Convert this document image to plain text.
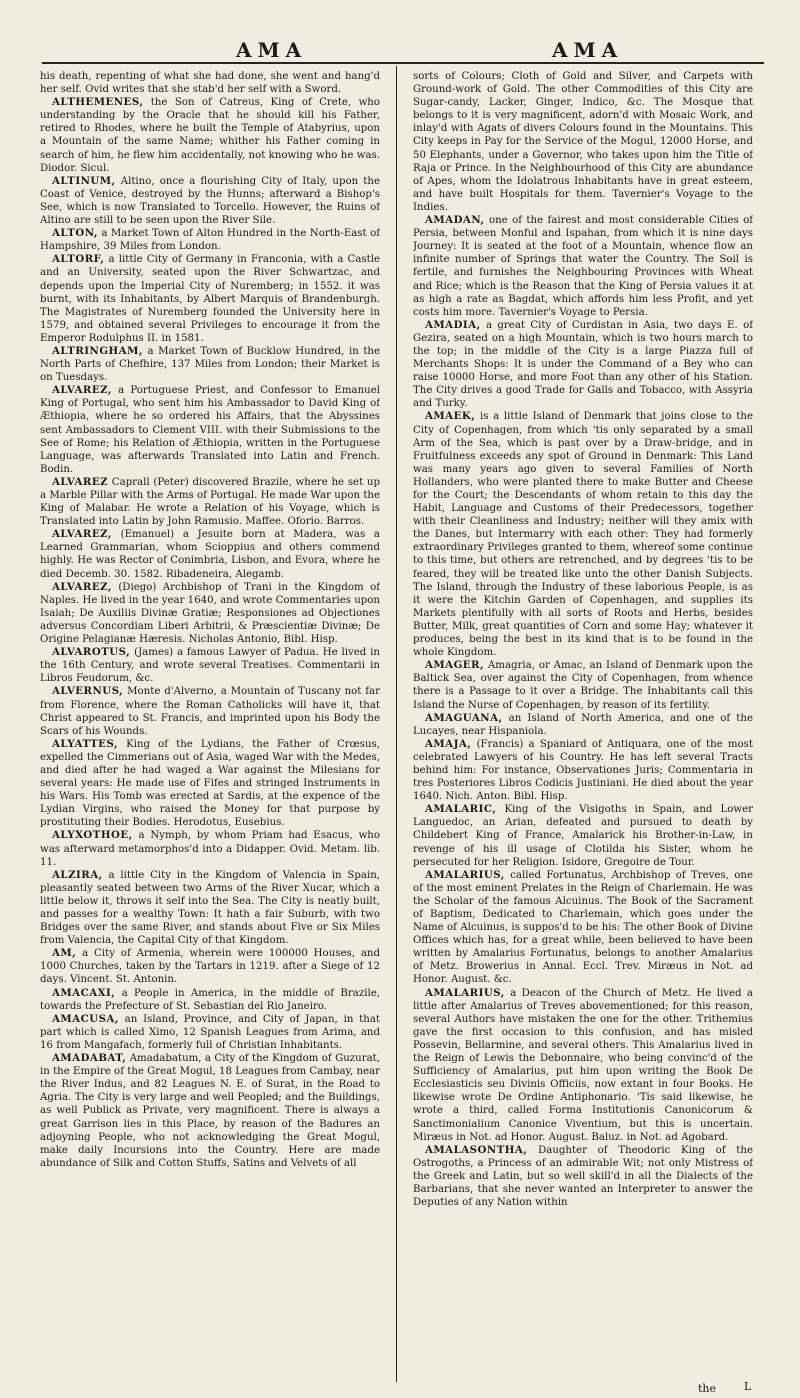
AMA	AMA

his death, repenting of what she had done, she went and hang'd her self. Ovid writes that she stab'd her self with a Sword.

ALTHEMENES, the Son of Catreus, King of Crete, who understanding by the Oracle that he should kill his Father, retired to Rhodes, where he built the Temple of Atabyrius, upon a Mountain of the same Name; whither his Father coming in search of him, he flew him accidentally, not knowing who he was. Diodor. Sicul.

ALTINUM, Altino, once a flourishing City of Italy, upon the Coast of Venice, destroyed by the Hunns; afterward a Bishop's See, which is now Translated to Torcello. However, the Ruins of Altino are still to be seen upon the River Sile.

ALTON, a Market Town of Alton Hundred in the North-East of Hampshire, 39 Miles from London.

ALTORF, a little City of Germany in Franconia, with a Castle and an University, seated upon the River Schwartzac, and depends upon the Imperial City of Nuremberg; in 1552. it was burnt, with its Inhabitants, by Albert Marquis of Brandenburgh. The Magistrates of Nuremberg founded the University here in 1579, and obtained several Privileges to encourage it from the Emperor Rodulphus II. in 1581.

ALTRINGHAM, a Market Town of Bucklow Hundred, in the North Parts of Chefhire, 137 Miles from London; their Market is on Tuesdays.

ALVAREZ, a Portuguese Priest, and Confessor to Emanuel King of Portugal, who sent him his Ambassador to David King of Æthiopia, where he so ordered his Affairs, that the Abyssines sent Ambassadors to Clement VIII. with their Submissions to the See of Rome; his Relation of Æthiopia, written in the Portuguese Language, was afterwards Translated into Latin and French. Bodin.

ALVAREZ Caprall (Peter) discovered Brazile, where he set up a Marble Pillar with the Arms of Portugal. He made War upon the King of Malabar. He wrote a Relation of his Voyage, which is Translated into Latin by John Ramusio. Maffee. Oforio. Barros.

ALVAREZ, (Emanuel) a Jesuite born at Madera, was a Learned Grammarian, whom Scioppius and others commend highly. He was Rector of Conimbria, Lisbon, and Evora, where he died Decemb. 30. 1582. Ribadeneira, Alegamb.

ALVAREZ, (Diego) Archbishop of Trani in the Kingdom of Naples. He lived in the year 1640, and wrote Commentaries upon Isaiah; De Auxiliis Divinæ Gratiæ; Responsiones ad Objectiones adversus Concordiam Liberi Arbitrii, & Præscientiæ Divinæ; De Origine Pelagianæ Hæresis. Nicholas Antonio, Bibl. Hisp.

ALVAROTUS, (James) a famous Lawyer of Padua. He lived in the 16th Century, and wrote several Treatises. Commentarii in Libros Feudorum, &c.

ALVERNUS, Monte d'Alverno, a Mountain of Tuscany not far from Florence, where the Roman Catholicks will have it, that Christ appeared to St. Francis, and imprinted upon his Body the Scars of his Wounds.

ALYATTES, King of the Lydians, the Father of Crœsus, expelled the Cimmerians out of Asia, waged War with the Medes, and died after he had waged a War against the Milesians for several years: He made use of Fifes and stringed Instruments in his Wars. His Tomb was erected at Sardis, at the expence of the Lydian Virgins, who raised the Money for that purpose by prostituting their Bodies. Herodotus, Eusebius.

ALYXOTHOE, a Nymph, by whom Priam had Esacus, who was afterward metamorphos'd into a Didapper. Ovid. Metam. lib. 11.

ALZIRA, a little City in the Kingdom of Valencia in Spain, pleasantly seated between two Arms of the River Xucar, which a little below it, throws it self into the Sea. The City is neatly built, and passes for a wealthy Town: It hath a fair Suburb, with two Bridges over the same River, and stands about Five or Six Miles from Valencia, the Capital City of that Kingdom.

AM, a City of Armenia, wherein were 100000 Houses, and 1000 Churches, taken by the Tartars in 1219. after a Siege of 12 days. Vincent. St. Antonin.

AMACAXI, a People in America, in the middle of Brazile, towards the Prefecture of St. Sebastian del Rio Janeiro.

AMACUSA, an Island, Province, and City of Japan, in that part which is called Ximo, 12 Spanish Leagues from Arima, and 16 from Mangafach, formerly full of Christian Inhabitants.

AMADABAT, Amadabatum, a City of the Kingdom of Guzurat, in the Empire of the Great Mogul, 18 Leagues from Cambay, near the River Indus, and 82 Leagues N. E. of Surat, in the Road to Agria. The City is very large and well Peopled; and the Buildings, as well Publick as Private, very magnificent. There is always a great Garrison lies in this Place, by reason of the Badures an adjoyning People, who not acknowledging the Great Mogul, make daily Incursions into the Country. Here are made abundance of Silk and Cotton Stuffs, Satins and Velvets of all

sorts of Colours; Cloth of Gold and Silver, and Carpets with Ground-work of Gold. The other Commodities of this City are Sugar-candy, Lacker, Ginger, Indico, &c. The Mosque that belongs to it is very magnificent, adorn'd with Mosaic Work, and inlay'd with Agats of divers Colours found in the Mountains. This City keeps in Pay for the Service of the Mogul, 12000 Horse, and 50 Elephants, under a Governor, who takes upon him the Title of Raja or Prince. In the Neighbourhood of this City are abundance of Apes, whom the Idolatrous Inhabitants have in great esteem, and have built Hospitals for them. Tavernier's Voyage to the Indies.

AMADAN, one of the fairest and most considerable Cities of Persia, between Monful and Ispahan, from which it is nine days Journey: It is seated at the foot of a Mountain, whence flow an infinite number of Springs that water the Country. The Soil is fertile, and furnishes the Neighbouring Provinces with Wheat and Rice; which is the Reason that the King of Persia values it at as high a rate as Bagdat, which affords him less Profit, and yet costs him more. Tavernier's Voyage to Persia.

AMADIA, a great City of Curdistan in Asia, two days E. of Gezira, seated on a high Mountain, which is two hours march to the top; in the middle of the City is a large Piazza full of Merchants Shops: It is under the Command of a Bey who can raise 10000 Horse, and more Foot than any other of his Station. The City drives a good Trade for Galls and Tobacco, with Assyria and Turky.

AMAEK, is a little Island of Denmark that joins close to the City of Copenhagen, from which 'tis only separated by a small Arm of the Sea, which is past over by a Draw-bridge, and in Fruitfulness exceeds any spot of Ground in Denmark: This Land was many years ago given to several Families of North Hollanders, who were planted there to make Butter and Cheese for the Court; the Descendants of whom retain to this day the Habit, Language and Customs of their Predecessors, together with their Cleanliness and Industry; neither will they amix with the Danes, but Intermarry with each other: They had formerly extraordinary Privileges granted to them, whereof some continue to this time, but others are retrenched, and by degrees 'tis to be feared, they will be treated like unto the other Danish Subjects. The Island, through the Industry of these laborious People, is as it were the Kitchin Garden of Copenhagen, and supplies its Markets plentifully with all sorts of Roots and Herbs, besides Butter, Milk, great quantities of Corn and some Hay; whatever it produces, being the best in its kind that is to be found in the whole Kingdom.

AMAGER, Amagria, or Amac, an Island of Denmark upon the Baltick Sea, over against the City of Copenhagen, from whence there is a Passage to it over a Bridge. The Inhabitants call this Island the Nurse of Copenhagen, by reason of its fertility.

AMAGUANA, an Island of North America, and one of the Lucayes, near Hispaniola.

AMAJA, (Francis) a Spaniard of Antiquara, one of the most celebrated Lawyers of his Country. He has left several Tracts behind him: For instance, Observationes Juris; Commentaria in tres Posteriores Libros Codicis Justiniani. He died about the year 1640. Nich. Anton. Bibl. Hisp.

AMALARIC, King of the Visigoths in Spain, and Lower Languedoc, an Arian, defeated and pursued to death by Childebert King of France, Amalarick his Brother-in-Law, in revenge of his ill usage of Clotilda his Sister, whom he persecuted for her Religion. Isidore, Gregoire de Tour.

AMALARIUS, called Fortunatus, Archbishop of Treves, one of the most eminent Prelates in the Reign of Charlemain. He was the Scholar of the famous Alcuinus. The Book of the Sacrament of Baptism, Dedicated to Charlemain, which goes under the Name of Alcuinus, is suppos'd to be his: The other Book of Divine Offices which has, for a great while, been believed to have been written by Amalarius Fortunatus, belongs to another Amalarius of Metz. Browerius in Annal. Eccl. Trev. Miræus in Not. ad Honor. August. &c.

AMALARIUS, a Deacon of the Church of Metz. He lived a little after Amalarius of Treves abovementioned; for this reason, several Authors have mistaken the one for the other. Trithemius gave the first occasion to this confusion, and has misled Possevin, Bellarmine, and several others. This Amalarius lived in the Reign of Lewis the Debonnaire, who being convinc'd of the Sufficiency of Amalarius, put him upon writing the Book De Ecclesiasticis seu Divinis Officiis, now extant in four Books. He likewise wrote De Ordine Antiphonario. 'Tis said likewise, he wrote a third, called Forma Institutionis Canonicorum & Sanctimonialium Canonice Viventium, but this is uncertain. Miræus in Not. ad Honor. August. Baluz. in Not. ad Agobard.

AMALASONTHA, Daughter of Theodoric King of the Ostrogoths, a Princess of an admirable Wit; not only Mistress of the Greek and Latin, but so well skill'd in all the Dialects of the Barbarians, that she never wanted an Interpreter to answer the Deputies of any Nation within

L
the
